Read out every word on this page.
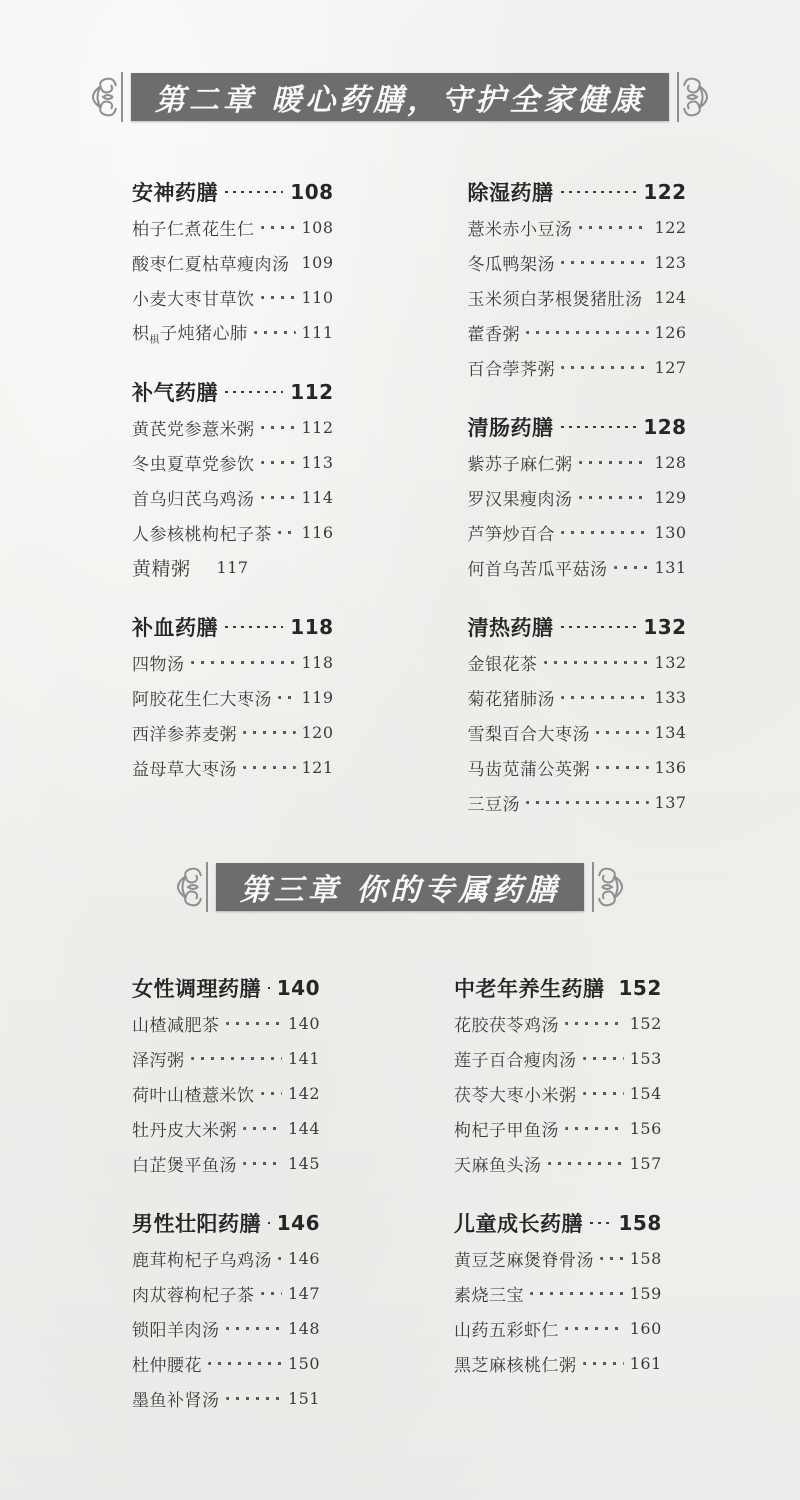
第二章 暖心药膳，守护全家健康
安神药膳	108
柏子仁煮花生仁	108
酸枣仁夏枯草瘦肉汤 109
小麦大枣甘草饮	110
枳$_椇$子炖猪心肺	111
补气药膳	112
黄芪党参薏米粥	112
冬虫夏草党参饮	113
首乌归芪乌鸡汤	114
人参核桃枸杞子茶 116
黄精粥 117
补血药膳	118
四物汤	118
阿胶花生仁大枣汤 119
西洋参荞麦粥	120
益母草大枣汤	121
除湿药膳	122
薏米赤小豆汤	122
冬瓜鸭架汤	123
玉米须白茅根煲猪肚汤 124
藿香粥	126
百合荸荠粥	127
清肠药膳	128
紫苏子麻仁粥	128
罗汉果瘦肉汤	129
芦笋炒百合	130
何首乌苦瓜平菇汤	131
清热药膳	132
金银花茶	132
菊花猪肺汤	133
雪梨百合大枣汤	134
马齿苋蒲公英粥	136
三豆汤	137
第三章 你的专属药膳
女性调理药膳 140
山楂减肥茶	140
泽泻粥	141
荷叶山楂薏米饮 142
牡丹皮大米粥	144
白芷煲平鱼汤	145
男性壮阳药膳 146
鹿茸枸杞子乌鸡汤 146
肉苁蓉枸杞子茶 147
锁阳羊肉汤	148
杜仲腰花	150
墨鱼补肾汤	151
中老年养生药膳 152
花胶茯苓鸡汤	152
莲子百合瘦肉汤	153
茯苓大枣小米粥	154
枸杞子甲鱼汤	156
天麻鱼头汤	157
儿童成长药膳 158
黄豆芝麻煲脊骨汤 158
素烧三宝	159
山药五彩虾仁	160
黑芝麻核桃仁粥	161
